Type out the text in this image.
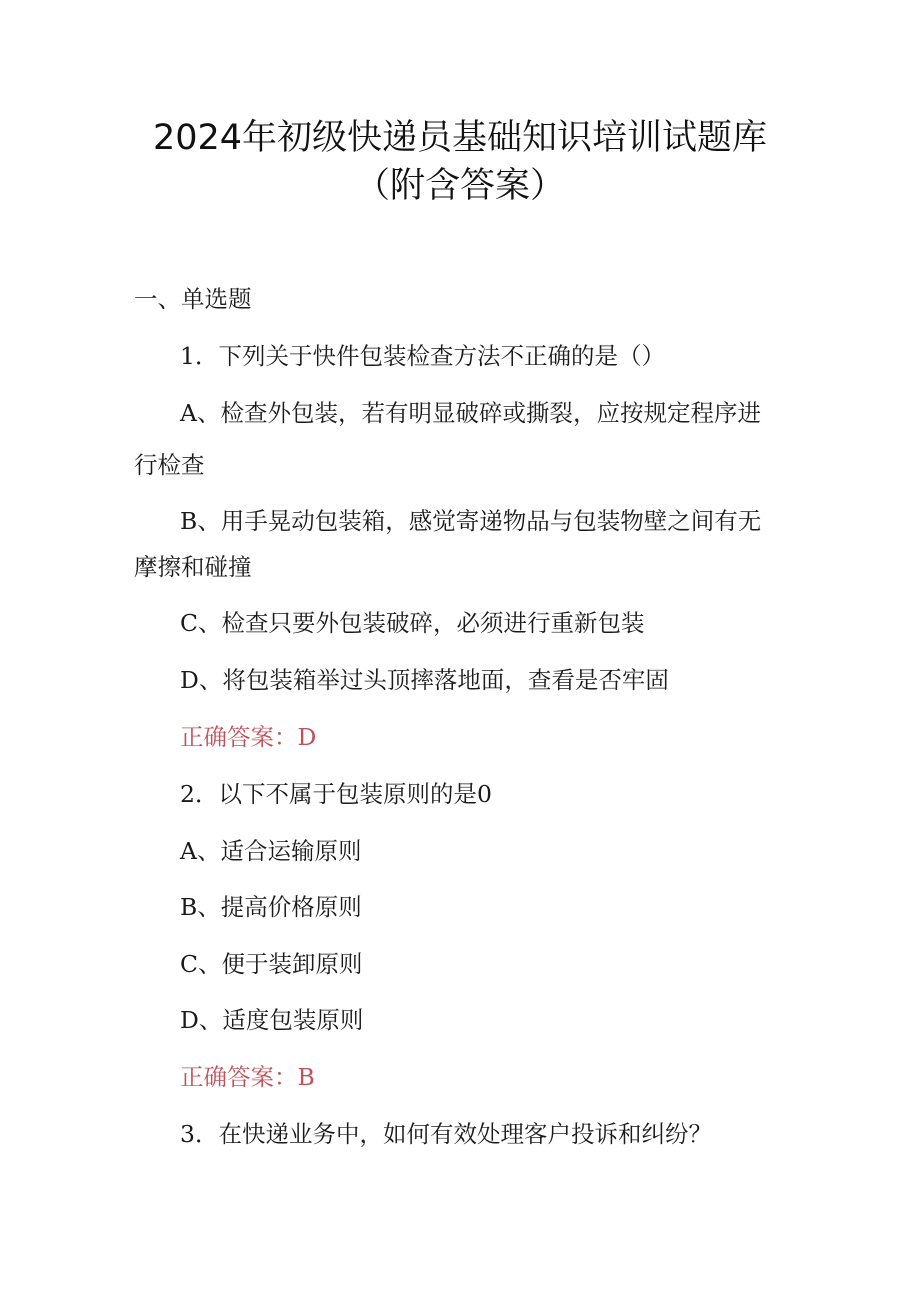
2024年初级快递员基础知识培训试题库
（附含答案）
一、单选题
1．下列关于快件包装检查方法不正确的是（）
A、检查外包装，若有明显破碎或撕裂，应按规定程序进
行检查
B、用手晃动包装箱，感觉寄递物品与包装物壁之间有无
摩擦和碰撞
C、检查只要外包装破碎，必须进行重新包装
D、将包装箱举过头顶摔落地面，查看是否牢固
正确答案：D
2．以下不属于包装原则的是0
A、适合运输原则
B、提高价格原则
C、便于装卸原则
D、适度包装原则
正确答案：B
3．在快递业务中，如何有效处理客户投诉和纠纷？
